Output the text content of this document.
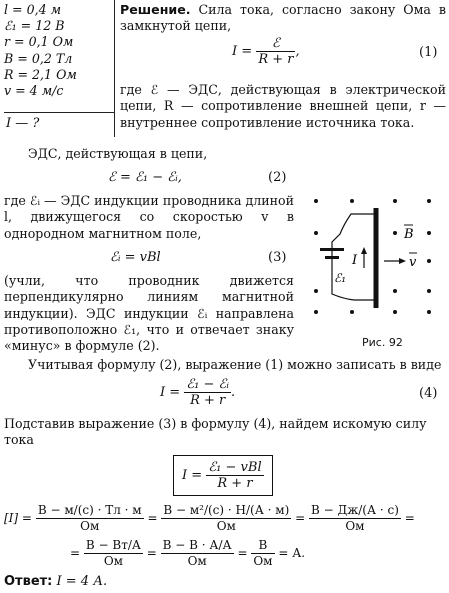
l = 0,4 м
ℰ₁ = 12 В
r = 0,1 Ом
B = 0,2 Тл
R = 2,1 Ом
v = 4 м/с
I — ?
Решение. Сила тока, согласно закону Ома в замкнутой цепи,
$I = \frac{\text{ℰ}}{R + r}$ ,	(1)
где ℰ — ЭДС, действующая в электрической цепи, R — сопротивление внешней цепи, r — внутреннее сопротивление источника тока.
ЭДС, действующая в цепи,
ℰ = ℰ₁ − ℰᵢ,	(2)
где ℰᵢ — ЭДС индукции проводника длиной l, движущегося со скоростью v в однородном магнитном поле,
ℰᵢ = vBl	(3)
(учли, что проводник движется перпендикулярно линиям магнитной индукции). ЭДС индукции ℰᵢ направлена противоположно ℰ₁, что и отвечает знаку «минус» в формуле (2).
B
I	v
ℰ₁
Рис. 92
Учитывая формулу (2), выражение (1) можно записать в виде
$I = \frac{\text{ℰ₁ − ℰᵢ}}{R + r}$ .	(4)
Подставив выражение (3) в формулу (4), найдем искомую силу тока
$I = \frac{\text{ℰ₁ − vBl}}{R + r}$
$[I] = \frac{В - м/(с) \cdot Тл \cdot м}{Ом} = \frac{\text{В − м²/(с) · Н/(А · м)}}{Ом} = \frac{В - Дж/(А \cdot с)}{Ом}$ =
= $\frac{В - Вт/А}{Ом} = \frac{В - В \cdot А/А}{Ом} = \frac{В}{Ом} = А$.
Ответ: I = 4 А.
